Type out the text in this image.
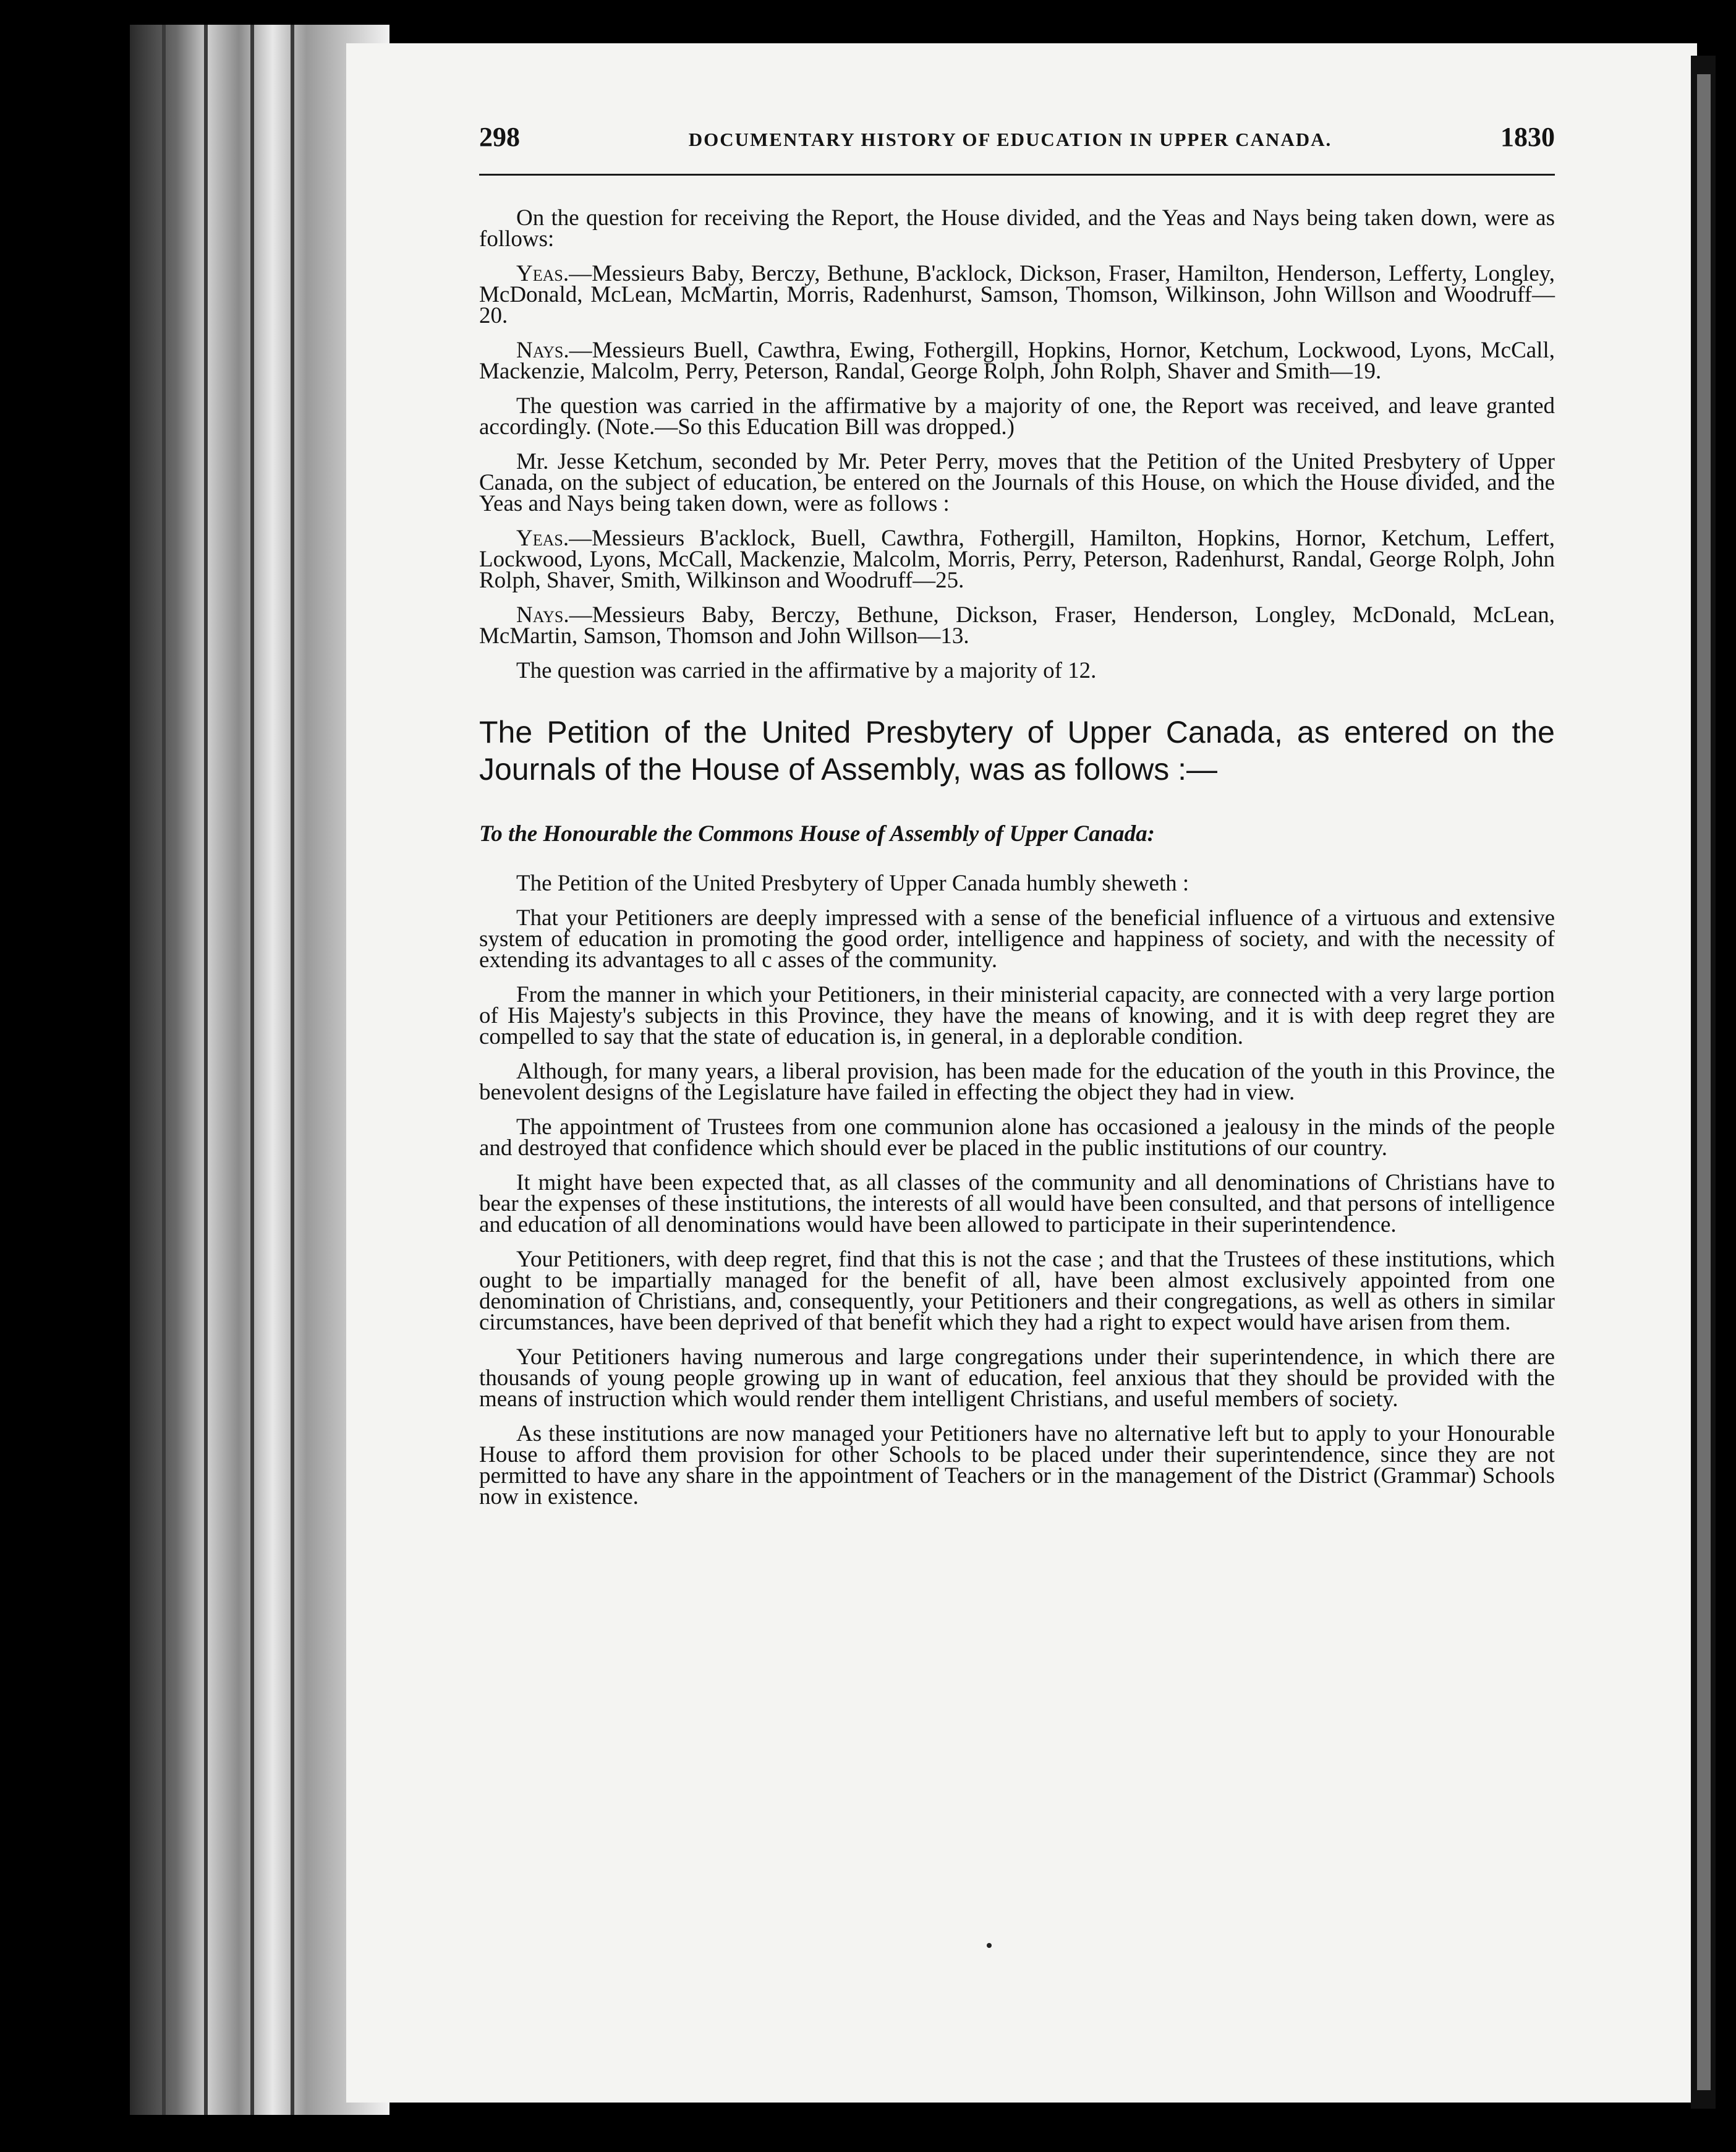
298	DOCUMENTARY HISTORY OF EDUCATION IN UPPER CANADA.	1830

On the question for receiving the Report, the House divided, and the Yeas and Nays being taken down, were as follows:

Yeas.—Messieurs Baby, Berczy, Bethune, B'acklock, Dickson, Fraser, Hamilton, Henderson, Lefferty, Longley, McDonald, McLean, McMartin, Morris, Radenhurst, Samson, Thomson, Wilkinson, John Willson and Woodruff—20.

Nays.—Messieurs Buell, Cawthra, Ewing, Fothergill, Hopkins, Hornor, Ketchum, Lockwood, Lyons, McCall, Mackenzie, Malcolm, Perry, Peterson, Randal, George Rolph, John Rolph, Shaver and Smith—19.

The question was carried in the affirmative by a majority of one, the Report was received, and leave granted accordingly. (Note.—So this Education Bill was dropped.)

Mr. Jesse Ketchum, seconded by Mr. Peter Perry, moves that the Petition of the United Presbytery of Upper Canada, on the subject of education, be entered on the Journals of this House, on which the House divided, and the Yeas and Nays being taken down, were as follows :

Yeas.—Messieurs B'acklock, Buell, Cawthra, Fothergill, Hamilton, Hopkins, Hornor, Ketchum, Leffert, Lockwood, Lyons, McCall, Mackenzie, Malcolm, Morris, Perry, Peterson, Radenhurst, Randal, George Rolph, John Rolph, Shaver, Smith, Wilkinson and Woodruff—25.

Nays.—Messieurs Baby, Berczy, Bethune, Dickson, Fraser, Henderson, Longley, McDonald, McLean, McMartin, Samson, Thomson and John Willson—13.

The question was carried in the affirmative by a majority of 12.

The Petition of the United Presbytery of Upper Canada, as entered on the Journals of the House of Assembly, was as follows :—

To the Honourable the Commons House of Assembly of Upper Canada:

The Petition of the United Presbytery of Upper Canada humbly sheweth :

That your Petitioners are deeply impressed with a sense of the beneficial influence of a virtuous and extensive system of education in promoting the good order, intelligence and happiness of society, and with the necessity of extending its advantages to all c asses of the community.

From the manner in which your Petitioners, in their ministerial capacity, are connected with a very large portion of His Majesty's subjects in this Province, they have the means of knowing, and it is with deep regret they are compelled to say that the state of education is, in general, in a deplorable condition.

Although, for many years, a liberal provision, has been made for the education of the youth in this Province, the benevolent designs of the Legislature have failed in effecting the object they had in view.

The appointment of Trustees from one communion alone has occasioned a jealousy in the minds of the people and destroyed that confidence which should ever be placed in the public institutions of our country.

It might have been expected that, as all classes of the community and all denominations of Christians have to bear the expenses of these institutions, the interests of all would have been consulted, and that persons of intelligence and education of all denominations would have been allowed to participate in their superintendence.

Your Petitioners, with deep regret, find that this is not the case ; and that the Trustees of these institutions, which ought to be impartially managed for the benefit of all, have been almost exclusively appointed from one denomination of Christians, and, consequently, your Petitioners and their congregations, as well as others in similar circumstances, have been deprived of that benefit which they had a right to expect would have arisen from them.

Your Petitioners having numerous and large congregations under their superintendence, in which there are thousands of young people growing up in want of education, feel anxious that they should be provided with the means of instruction which would render them intelligent Christians, and useful members of society.

As these institutions are now managed your Petitioners have no alternative left but to apply to your Honourable House to afford them provision for other Schools to be placed under their superintendence, since they are not permitted to have any share in the appointment of Teachers or in the management of the District (Grammar) Schools now in existence.
